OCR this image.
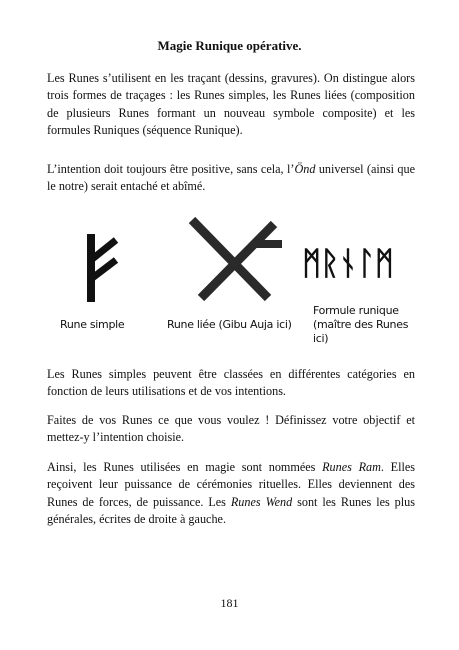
Magie Runique opérative.

Les Runes s’utilisent en les traçant (dessins, gravures). On distingue alors trois formes de traçages : les Runes simples, les Runes liées (composition de plusieurs Runes formant un nouveau symbole composite) et les formules Runiques (séquence Runique).

L’intention doit toujours être positive, sans cela, l’Önd universel (ainsi que le notre) serait entaché et abîmé.

Rune simple	Rune liée (Gibu Auja ici)
ᛗᚱᚾᛚᛗ
Formule runique (maître des Runes ici)

Les Runes simples peuvent être classées en différentes catégories en fonction de leurs utilisations et de vos intentions.

Faites de vos Runes ce que vous voulez ! Définissez votre objectif et mettez-y l’intention choisie.

Ainsi, les Runes utilisées en magie sont nommées Runes Ram. Elles reçoivent leur puissance de cérémonies rituelles. Elles deviennent des Runes de forces, de puissance. Les Runes Wend sont les Runes les plus générales, écrites de droite à gauche.

181
